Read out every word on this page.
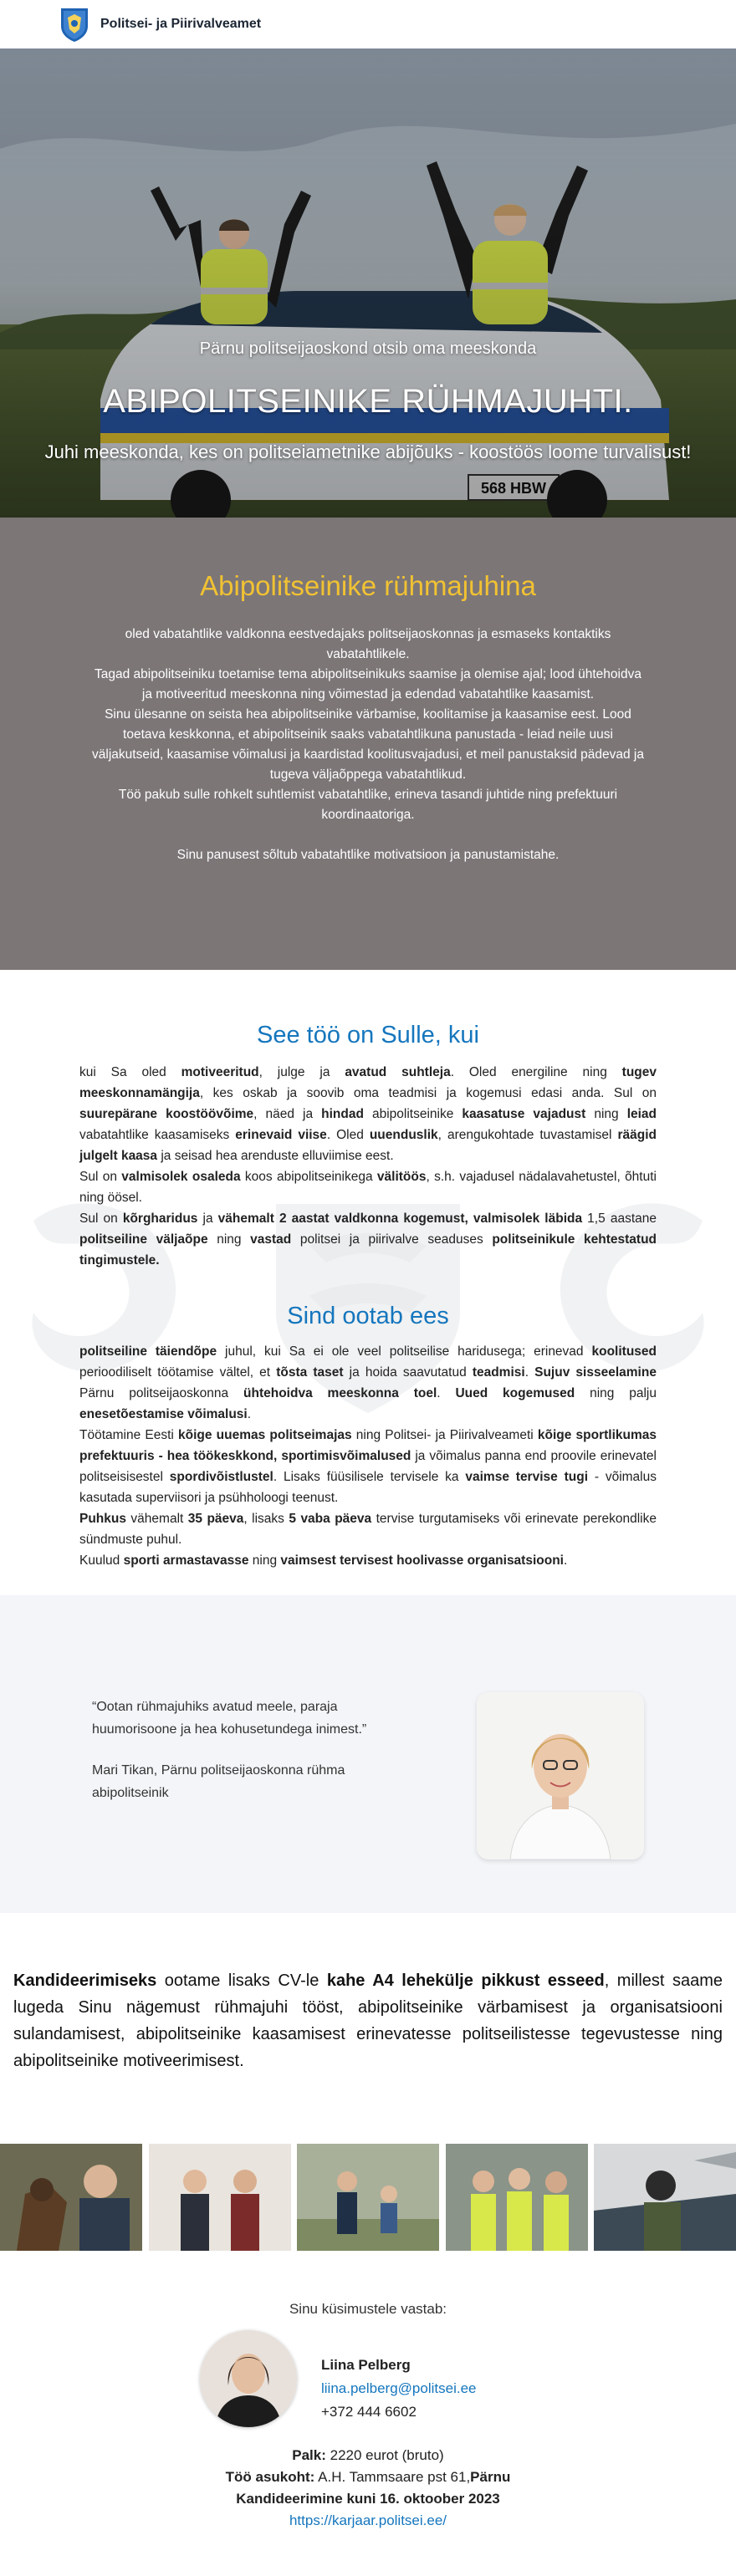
Politsei- ja Piirivalveamet
Pärnu politseijaoskond otsib oma meeskonda
ABIPOLITSEINIKE RÜHMAJUHTI.
Juhi meeskonda, kes on politseiametnike abijõuks - koostöös loome turvalisust!
Abipolitseinike rühmajuhina

oled vabatahtlike valdkonna eestvedajaks politseijaoskonnas ja esmaseks kontaktiks vabatahtlikele.

Tagad abipolitseiniku toetamise tema abipolitseinikuks saamise ja olemise ajal; lood ühtehoidva ja motiveeritud meeskonna ning võimestad ja edendad vabatahtlike kaasamist.

Sinu ülesanne on seista hea abipolitseinike värbamise, koolitamise ja kaasamise eest. Lood toetava keskkonna, et abipolitseinik saaks vabatahtlikuna panustada - leiad neile uusi väljakutseid, kaasamise võimalusi ja kaardistad koolitusvajadusi, et meil panustaksid pädevad ja tugeva väljaõppega vabatahtlikud.

Töö pakub sulle rohkelt suhtlemist vabatahtlike, erineva tasandi juhtide ning prefektuuri koordinaatoriga.

Sinu panusest sõltub vabatahtlike motivatsioon ja panustamistahe.

See töö on Sulle, kui

kui Sa oled motiveeritud, julge ja avatud suhtleja. Oled energiline ning tugev meeskonnamängija, kes oskab ja soovib oma teadmisi ja kogemusi edasi anda. Sul on suurepärane koostöövõime, näed ja hindad abipolitseinike kaasatuse vajadust ning leiad vabatahtlike kaasamiseks erinevaid viise. Oled uuenduslik, arengukohtade tuvastamisel räägid julgelt kaasa ja seisad hea arenduste elluviimise eest.

Sul on valmisolek osaleda koos abipolitseinikega välitöös, s.h. vajadusel nädalavahetustel, õhtuti ning öösel.

Sul on kõrgharidus ja vähemalt 2 aastat valdkonna kogemust, valmisolek läbida 1,5 aastane politseiline väljaõpe ning vastad politsei ja piirivalve seaduses politseinikule kehtestatud tingimustele.

Sind ootab ees

politseiline täiendõpe juhul, kui Sa ei ole veel politseilise haridusega; erinevad koolitused perioodiliselt töötamise vältel, et tõsta taset ja hoida saavutatud teadmisi. Sujuv sisseelamine Pärnu politseijaoskonna ühtehoidva meeskonna toel. Uued kogemused ning palju enesetõestamise võimalusi.

Töötamine Eesti kõige uuemas politseimajas ning Politsei- ja Piirivalveameti kõige sportlikumas prefektuuris - hea töökeskkond, sportimisvõimalused ja võimalus panna end proovile erinevatel politseisisestel spordivõistlustel. Lisaks füüsilisele tervisele ka vaimse tervise tugi - võimalus kasutada superviisori ja psühholoogi teenust.

Puhkus vähemalt 35 päeva, lisaks 5 vaba päeva tervise turgutamiseks või erinevate perekondlike sündmuste puhul.

Kuulud sporti armastavasse ning vaimsest tervisest hoolivasse organisatsiooni.

“Ootan rühmajuhiks avatud meele, paraja huumorisoone ja hea kohusetundega inimest.”

Mari Tikan, Pärnu politseijaoskonna rühma abipolitseinik

Kandideerimiseks ootame lisaks CV-le kahe A4 lehekülje pikkust esseed, millest saame lugeda Sinu nägemust rühmajuhi tööst, abipolitseinike värbamisest ja organisatsiooni sulandamisest, abipolitseinike kaasamisest erinevatesse politseilistesse tegevustesse ning abipolitseinike motiveerimisest.
Sinu küsimustele vastab:
Liina Pelberg
liina.pelberg@politsei.ee
+372 444 6602
Palk: 2220 eurot (bruto)
Töö asukoht: A.H. Tammsaare pst 61,Pärnu
Kandideerimine kuni 16. oktoober 2023
https://karjaar.politsei.ee/
